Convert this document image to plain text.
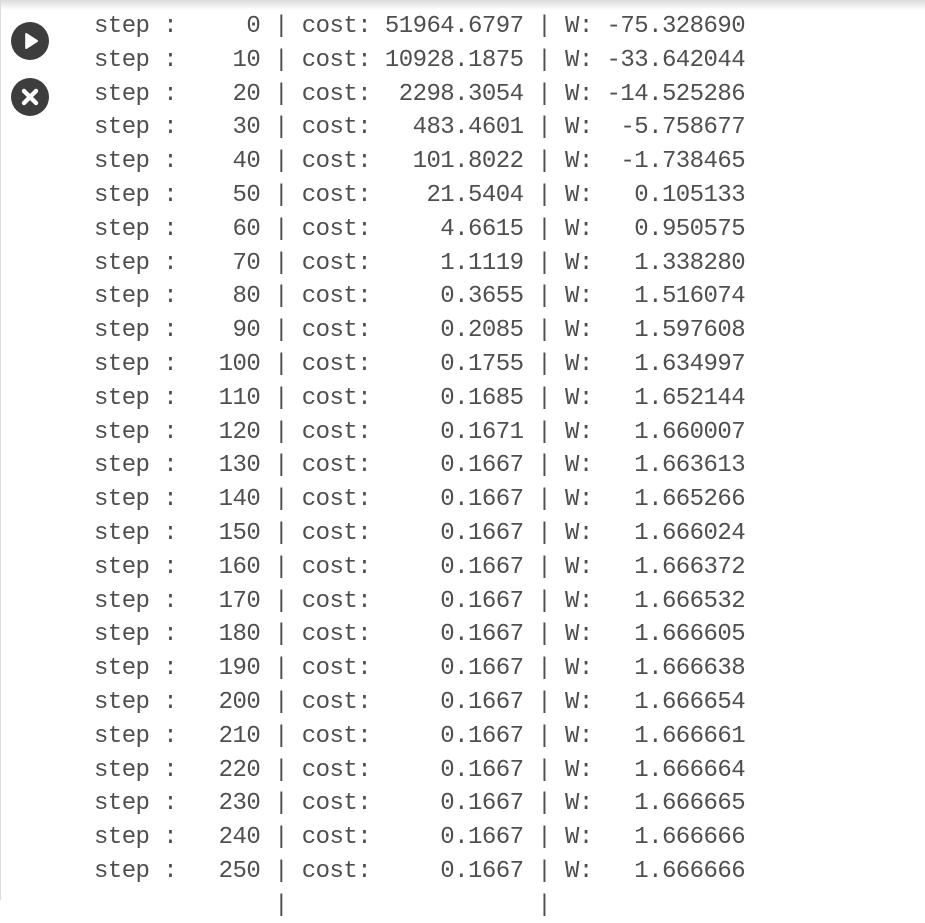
step :     0 | cost: 51964.6797 | W: -75.328690
step :    10 | cost: 10928.1875 | W: -33.642044
step :    20 | cost:  2298.3054 | W: -14.525286
step :    30 | cost:   483.4601 | W:  -5.758677
step :    40 | cost:   101.8022 | W:  -1.738465
step :    50 | cost:    21.5404 | W:   0.105133
step :    60 | cost:     4.6615 | W:   0.950575
step :    70 | cost:     1.1119 | W:   1.338280
step :    80 | cost:     0.3655 | W:   1.516074
step :    90 | cost:     0.2085 | W:   1.597608
step :   100 | cost:     0.1755 | W:   1.634997
step :   110 | cost:     0.1685 | W:   1.652144
step :   120 | cost:     0.1671 | W:   1.660007
step :   130 | cost:     0.1667 | W:   1.663613
step :   140 | cost:     0.1667 | W:   1.665266
step :   150 | cost:     0.1667 | W:   1.666024
step :   160 | cost:     0.1667 | W:   1.666372
step :   170 | cost:     0.1667 | W:   1.666532
step :   180 | cost:     0.1667 | W:   1.666605
step :   190 | cost:     0.1667 | W:   1.666638
step :   200 | cost:     0.1667 | W:   1.666654
step :   210 | cost:     0.1667 | W:   1.666661
step :   220 | cost:     0.1667 | W:   1.666664
step :   230 | cost:     0.1667 | W:   1.666665
step :   240 | cost:     0.1667 | W:   1.666666
step :   250 | cost:     0.1667 | W:   1.666666
|                  |
